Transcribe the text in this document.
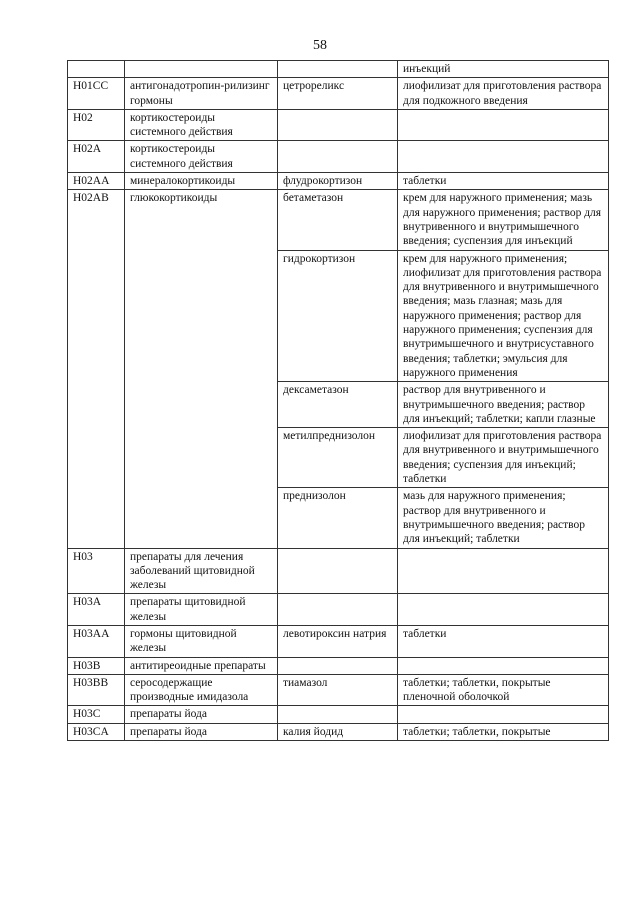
58
			инъекций
H01CC	антигонадотропин-рилизинг гормоны	цетрореликс	лиофилизат для приготовления раствора для подкожного введения
H02	кортикостероиды системного действия		
H02A	кортикостероиды системного действия		
H02AA	минералокортикоиды	флудрокортизон	таблетки
H02AB	глюкокортикоиды	бетаметазон	крем для наружного применения; мазь для наружного применения; раствор для внутривенного и внутримышечного введения; суспензия для инъекций
		гидрокортизон	крем для наружного применения; лиофилизат для приготовления раствора для внутривенного и внутримышечного введения; мазь глазная; мазь для наружного применения; раствор для наружного применения; суспензия для внутримышечного и внутрисуставного введения; таблетки; эмульсия для наружного применения
		дексаметазон	раствор для внутривенного и внутримышечного введения; раствор для инъекций; таблетки; капли глазные
		метилпреднизолон	лиофилизат для приготовления раствора для внутривенного и внутримышечного введения; суспензия для инъекций; таблетки
		преднизолон	мазь для наружного применения; раствор для внутривенного и внутримышечного введения; раствор для инъекций; таблетки
H03	препараты для лечения заболеваний щитовидной железы		
H03A	препараты щитовидной железы		
H03AA	гормоны щитовидной железы	левотироксин натрия	таблетки
H03B	антитиреоидные препараты		
H03BB	серосодержащие производные имидазола	тиамазол	таблетки; таблетки, покрытые пленочной оболочкой
H03C	препараты йода		
H03CA	препараты йода	калия йодид	таблетки; таблетки, покрытые
